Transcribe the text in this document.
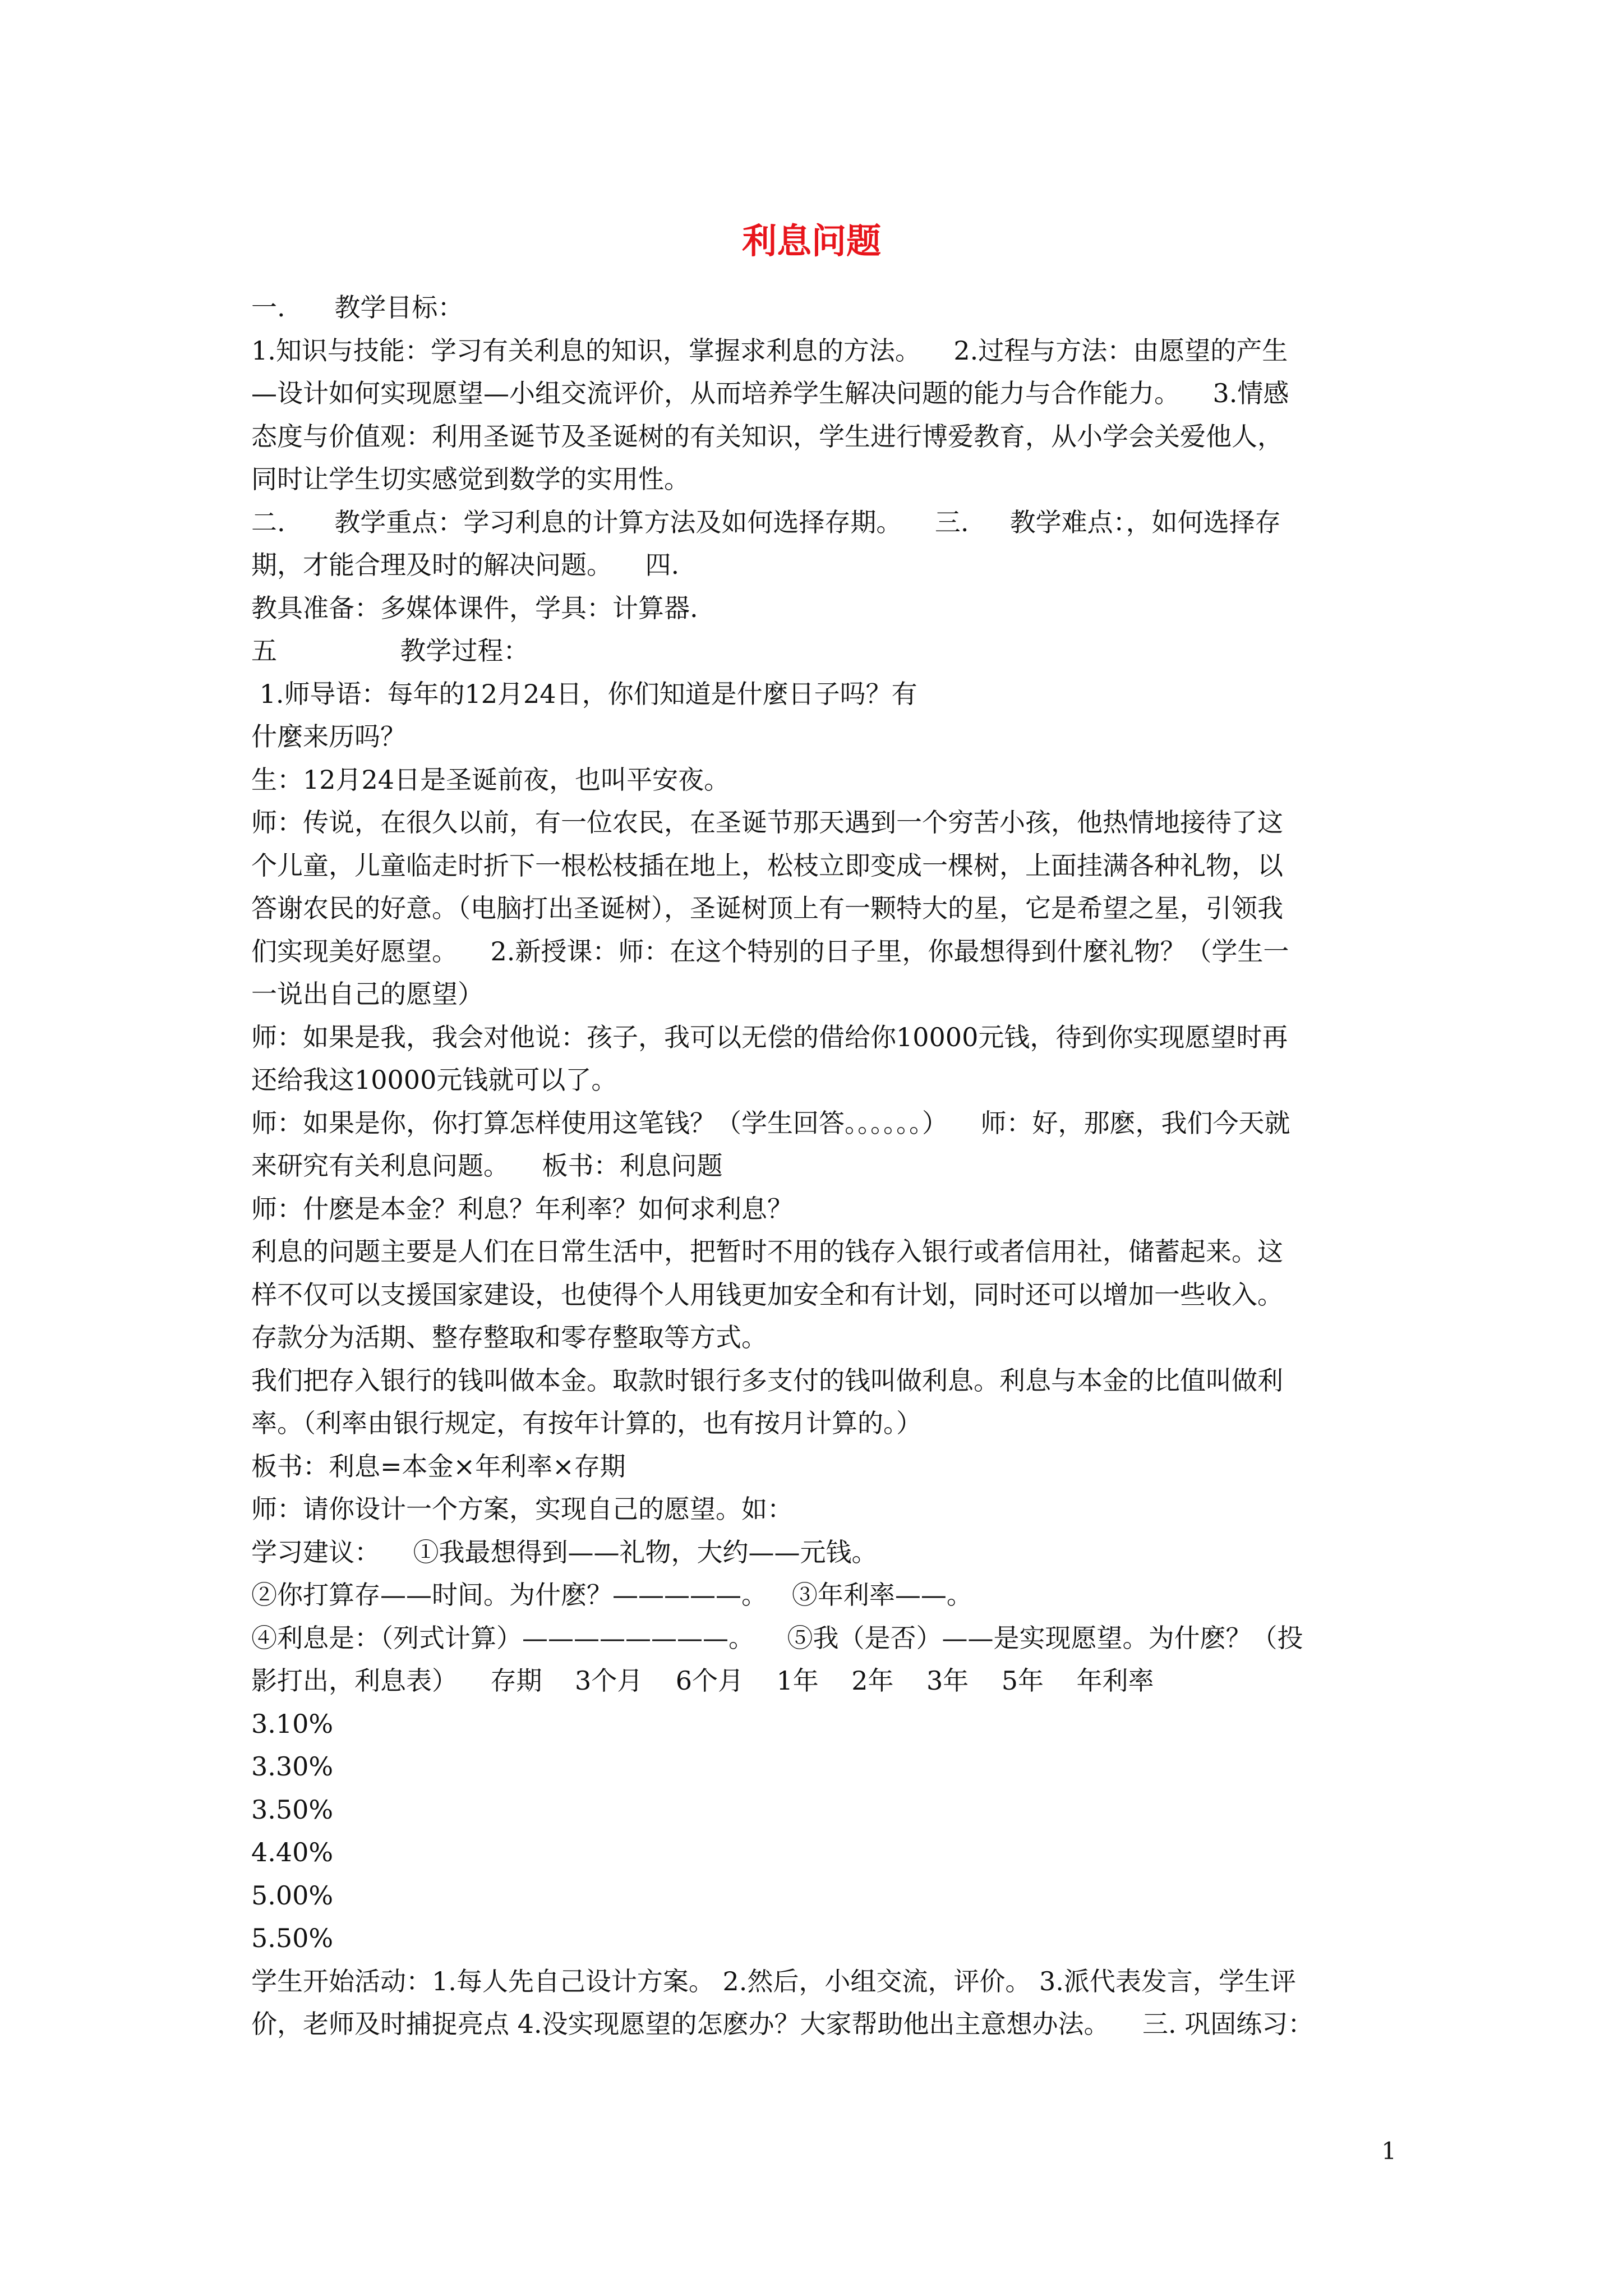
利息问题
一.      教学目标：
1.知识与技能：学习有关利息的知识，掌握求利息的方法。    2.过程与方法：由愿望的产生
—设计如何实现愿望—小组交流评价，从而培养学生解决问题的能力与合作能力。    3.情感
态度与价值观：利用圣诞节及圣诞树的有关知识，学生进行博爱教育，从小学会关爱他人，
同时让学生切实感觉到数学的实用性。
二.      教学重点：学习利息的计算方法及如何选择存期。    三.     教学难点：，如何选择存
期，才能合理及时的解决问题。    四.
教具准备：多媒体课件，学具：计算器.
五               教学过程：
1.师导语：每年的12月24日，你们知道是什麼日子吗？有
什麼来历吗？
生：12月24日是圣诞前夜，也叫平安夜。
师：传说，在很久以前，有一位农民，在圣诞节那天遇到一个穷苦小孩，他热情地接待了这
个儿童，儿童临走时折下一根松枝插在地上，松枝立即变成一棵树，上面挂满各种礼物，以
答谢农民的好意。（电脑打出圣诞树），圣诞树顶上有一颗特大的星，它是希望之星，引领我
们实现美好愿望。    2.新授课：师：在这个特别的日子里，你最想得到什麼礼物？（学生一
一说出自己的愿望）
师：如果是我，我会对他说：孩子，我可以无偿的借给你10000元钱，待到你实现愿望时再
还给我这10000元钱就可以了。
师：如果是你，你打算怎样使用这笔钱？（学生回答。。。。。。）    师：好，那麽，我们今天就
来研究有关利息问题。    板书：利息问题
师：什麽是本金？利息？年利率？如何求利息？
利息的问题主要是人们在日常生活中，把暂时不用的钱存入银行或者信用社，储蓄起来。这
样不仅可以支援国家建设，也使得个人用钱更加安全和有计划，同时还可以增加一些收入。
存款分为活期、整存整取和零存整取等方式。
我们把存入银行的钱叫做本金。取款时银行多支付的钱叫做利息。利息与本金的比值叫做利
率。（利率由银行规定，有按年计算的，也有按月计算的。）
板书：利息=本金×年利率×存期
师：请你设计一个方案，实现自己的愿望。如：
学习建议：    ①我最想得到——礼物，大约——元钱。
②你打算存——时间。为什麽？—————。   ③年利率——。
④利息是：（列式计算）————————。    ⑤我（是否）——是实现愿望。为什麽？（投
影打出，利息表）    存期    3个月    6个月    1年    2年    3年    5年    年利率
3.10%
3.30%
3.50%
4.40%
5.00%
5.50%
学生开始活动：1.每人先自己设计方案。 2.然后，小组交流，评价。 3.派代表发言，学生评
价，老师及时捕捉亮点 4.没实现愿望的怎麽办？大家帮助他出主意想办法。    三. 巩固练习：
1
